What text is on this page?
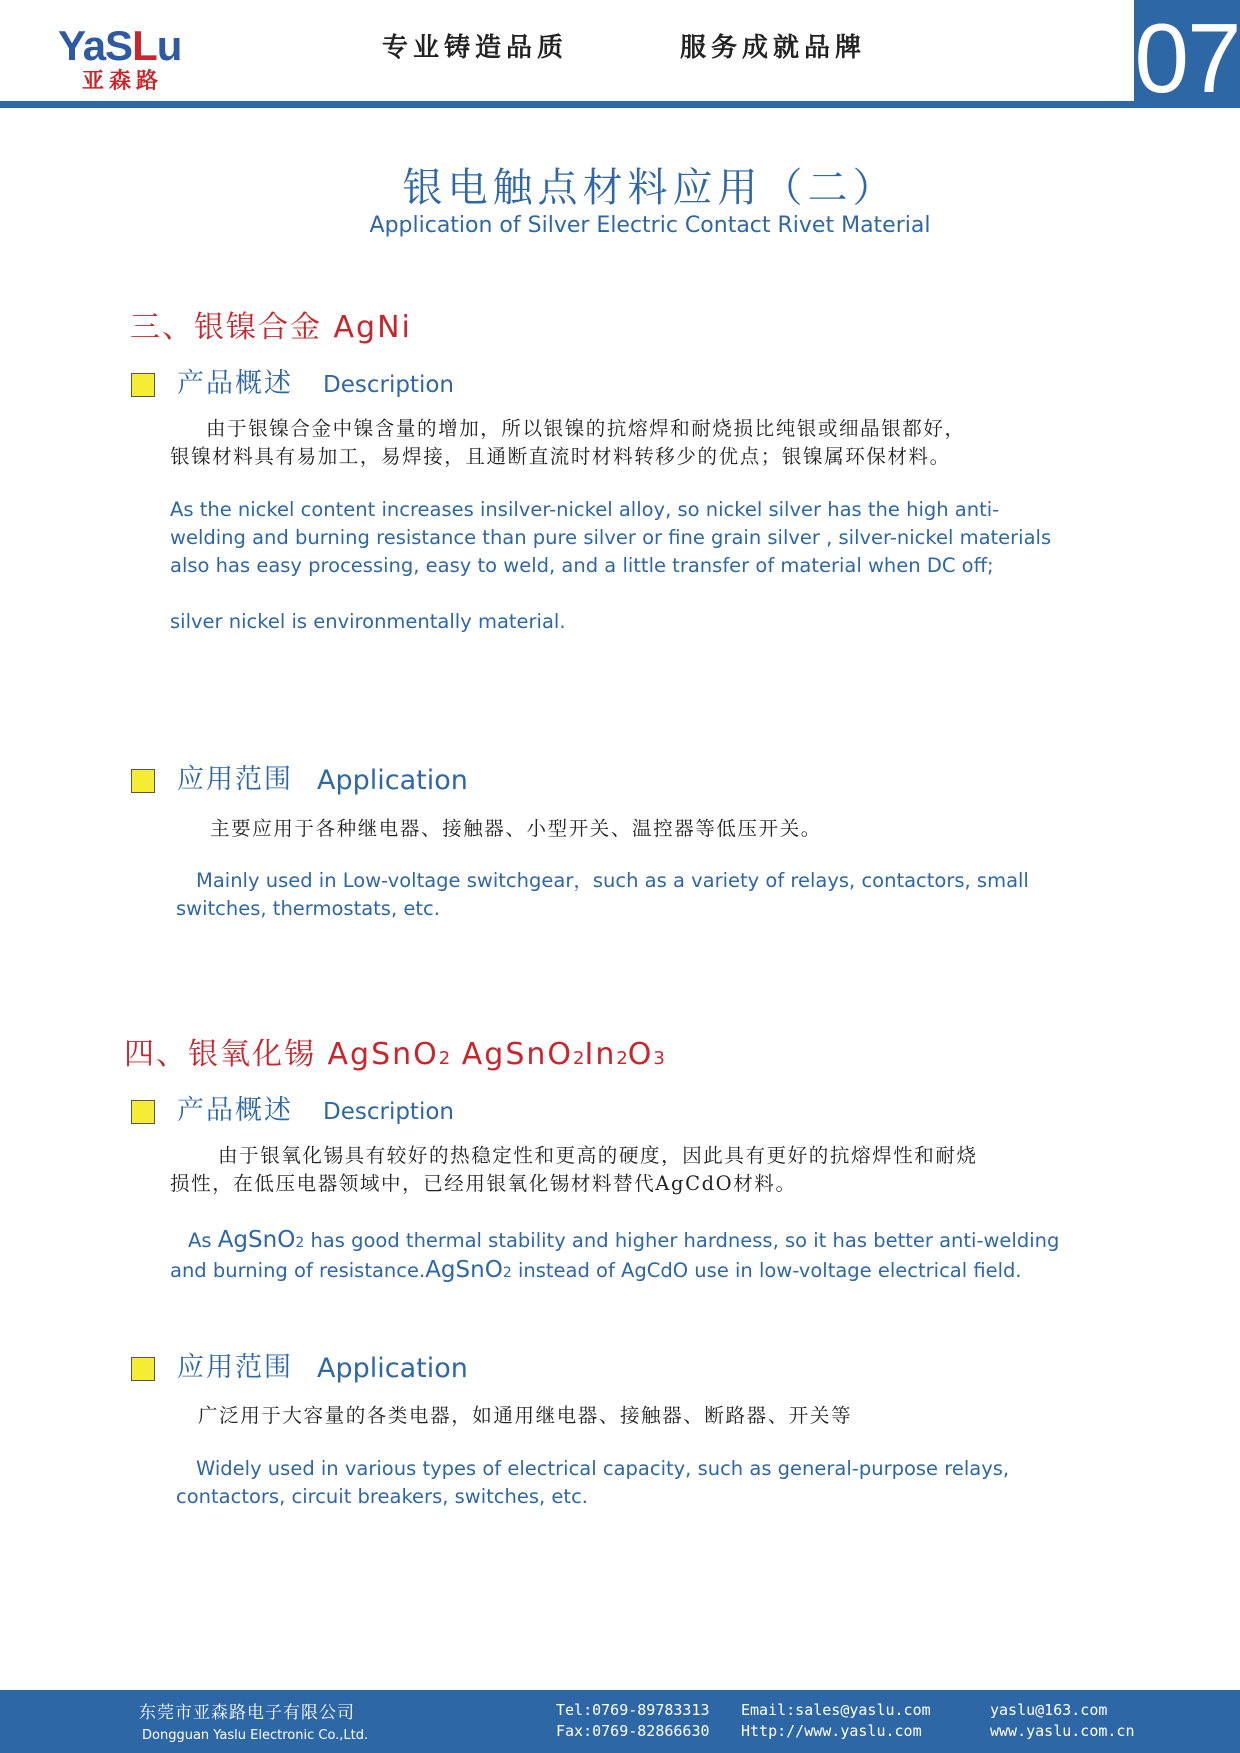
YaSLu
亚森路
专业铸造品质	服务成就品牌	07
银电触点材料应用（二）
Application of Silver Electric Contact Rivet Material
三、银镍合金 AgNi
产品概述 Description
由于银镍合金中镍含量的增加，所以银镍的抗熔焊和耐烧损比纯银或细晶银都好，
银镍材料具有易加工，易焊接，且通断直流时材料转移少的优点；银镍属环保材料。
As the nickel content increases insilver-nickel alloy, so nickel silver has the high anti-
welding and burning resistance than pure silver or fine grain silver , silver-nickel materials
also has easy processing, easy to weld, and a little transfer of material when DC off;
silver nickel is environmentally material.
应用范围 Application
主要应用于各种继电器、接触器、小型开关、温控器等低压开关。
Mainly used in Low-voltage switchgear，such as a variety of relays, contactors, small
switches, thermostats, etc.
四、银氧化锡 AgSnO2 AgSnO2In2O3
产品概述 Description
由于银氧化锡具有较好的热稳定性和更高的硬度，因此具有更好的抗熔焊性和耐烧
损性，在低压电器领域中，已经用银氧化锡材料替代AgCdO材料。
As AgSnO2 has good thermal stability and higher hardness, so it has better anti-welding
and burning of resistance.AgSnO2 instead of AgCdO use in low-voltage electrical field.
应用范围 Application
广泛用于大容量的各类电器，如通用继电器、接触器、断路器、开关等
Widely used in various types of electrical capacity, such as general-purpose relays,
contactors, circuit breakers, switches, etc.
东莞市亚森路电子有限公司
Dongguan Yaslu Electronic Co.,Ltd.
Tel:0769-89783313
Fax:0769-82866630
Email:sales@yaslu.com
Http://www.yaslu.com
yaslu@163.com
www.yaslu.com.cn
